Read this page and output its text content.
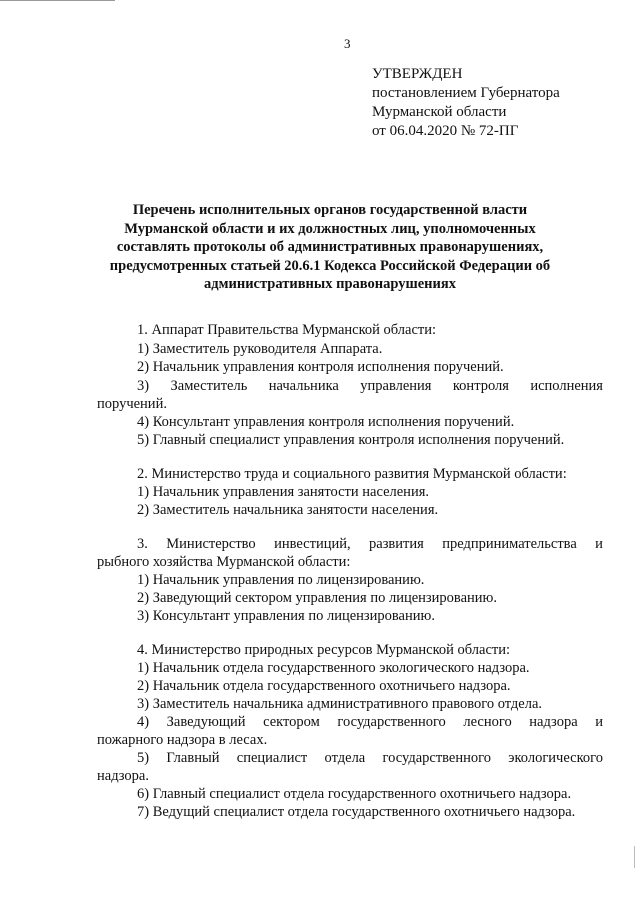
3
УТВЕРЖДЕН
постановлением Губернатора
Мурманской области
от 06.04.2020 № 72-ПГ
Перечень исполнительных органов государственной власти
Мурманской области и их должностных лиц, уполномоченных
составлять протоколы об административных правонарушениях,
предусмотренных статьей 20.6.1 Кодекса Российской Федерации об
административных правонарушениях
1. Аппарат Правительства Мурманской области:
1) Заместитель руководителя Аппарата.
2) Начальник управления контроля исполнения поручений.
3) Заместитель начальника управления контроля исполнения
поручений.
4) Консультант управления контроля исполнения поручений.
5) Главный специалист управления контроля исполнения поручений.
2. Министерство труда и социального развития Мурманской области:
1) Начальник управления занятости населения.
2) Заместитель начальника занятости населения.
3. Министерство инвестиций, развития предпринимательства и
рыбного хозяйства Мурманской области:
1) Начальник управления по лицензированию.
2) Заведующий сектором управления по лицензированию.
3) Консультант управления по лицензированию.
4. Министерство природных ресурсов Мурманской области:
1) Начальник отдела государственного экологического надзора.
2) Начальник отдела государственного охотничьего надзора.
3) Заместитель начальника административного правового отдела.
4) Заведующий сектором государственного лесного надзора и
пожарного надзора в лесах.
5) Главный специалист отдела государственного экологического
надзора.
6) Главный специалист отдела государственного охотничьего надзора.
7) Ведущий специалист отдела государственного охотничьего надзора.
